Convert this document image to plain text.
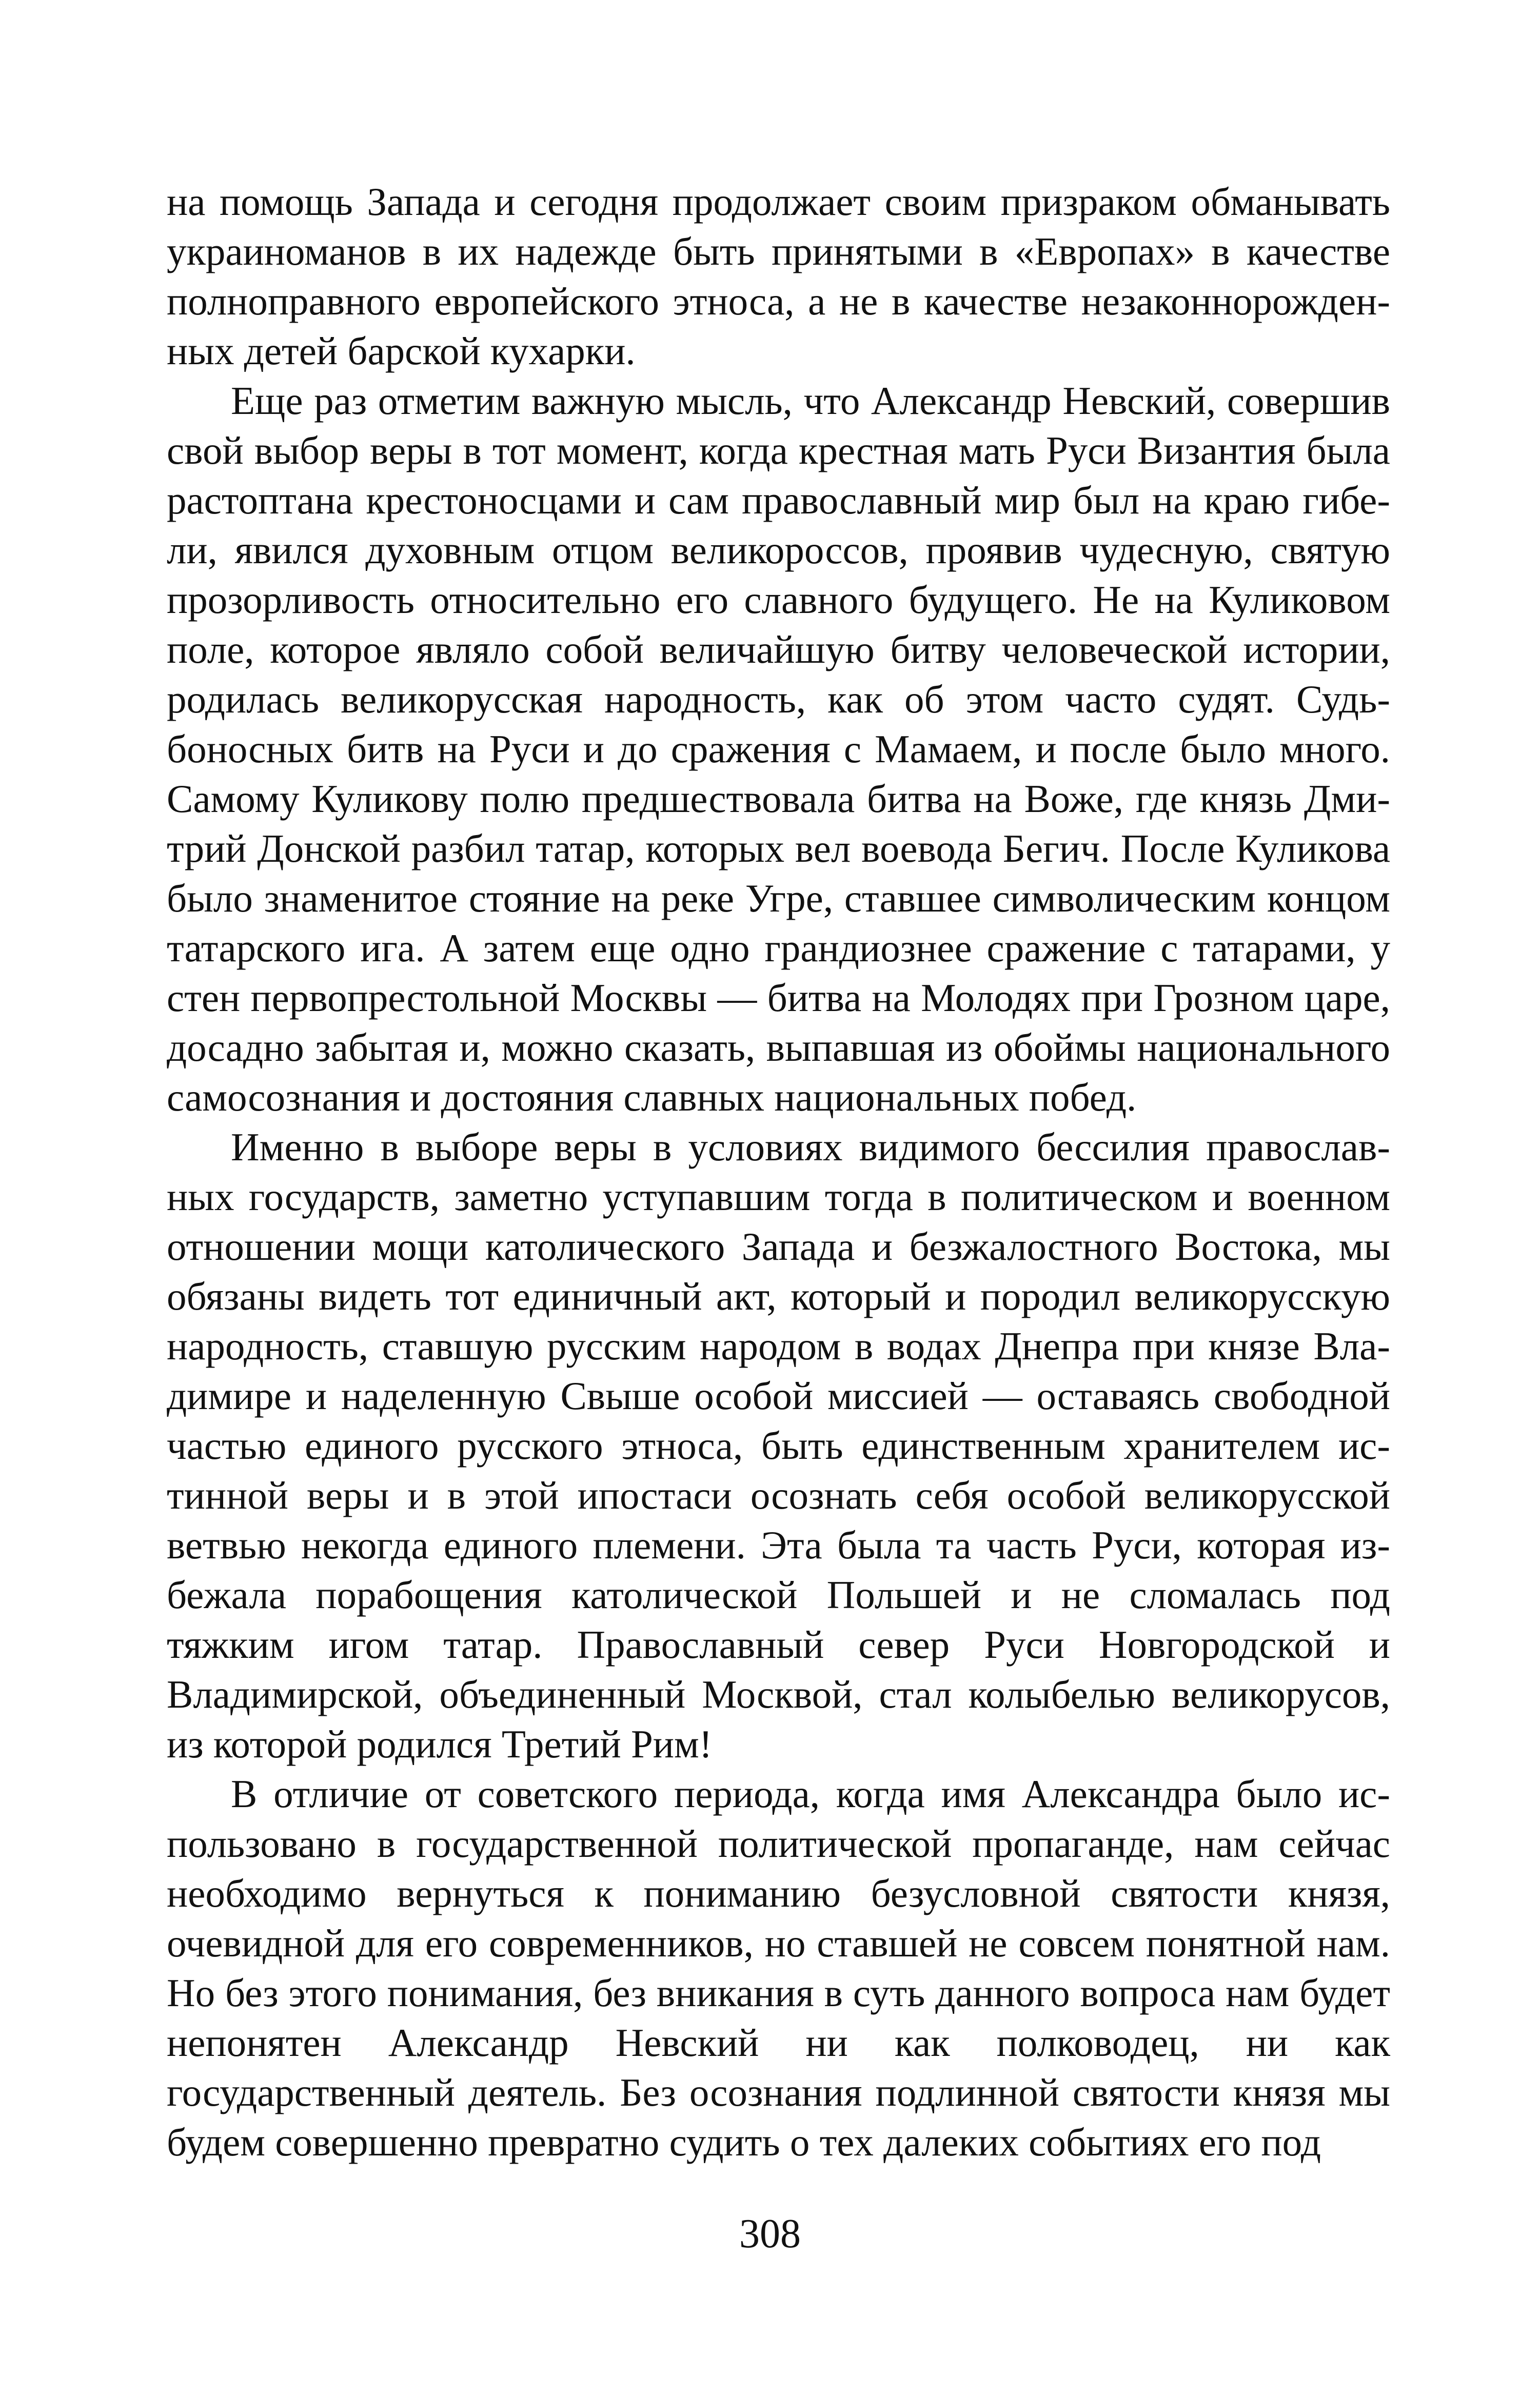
на помощь Запада и сегодня продолжает своим призраком обманывать украиноманов в их надежде быть принятыми в «Европах» в качестве полноправного европейского этноса, а не в качестве незаконнорожденных детей барской кухарки.

Еще раз отметим важную мысль, что Александр Невский, совершив свой выбор веры в тот момент, когда крестная мать Руси Византия была растоптана крестоносцами и сам православный мир был на краю гибели, явился духовным отцом великороссов, проявив чудесную, святую прозорливость относительно его славного будущего. Не на Куликовом поле, которое являло собой величайшую битву человеческой истории, родилась великорусская народность, как об этом часто судят. Судьбоносных битв на Руси и до сражения с Мамаем, и после было много. Самому Куликову полю предшествовала битва на Воже, где князь Дмитрий Донской разбил татар, которых вел воевода Бегич. После Куликова было знаменитое стояние на реке Угре, ставшее символическим концом татарского ига. А затем еще одно грандиознее сражение с татарами, у стен первопрестольной Москвы — битва на Молодях при Грозном царе, досадно забытая и, можно сказать, выпавшая из обоймы национального самосознания и достояния славных национальных побед.

Именно в выборе веры в условиях видимого бессилия православных государств, заметно уступавшим тогда в политическом и военном отношении мощи католического Запада и безжалостного Востока, мы обязаны видеть тот единичный акт, который и породил великорусскую народность, ставшую русским народом в водах Днепра при князе Владимире и наделенную Свыше особой миссией — оставаясь свободной частью единого русского этноса, быть единственным хранителем истинной веры и в этой ипостаси осознать себя особой великорусской ветвью некогда единого племени. Эта была та часть Руси, которая избежала порабощения католической Польшей и не сломалась под тяжким игом татар. Православный север Руси Новгородской и Владимирской, объединенный Москвой, стал колыбелью великорусов, из которой родился Третий Рим!

В отличие от советского периода, когда имя Александра было использовано в государственной политической пропаганде, нам сейчас необходимо вернуться к пониманию безусловной святости князя, очевидной для его современников, но ставшей не совсем понятной нам. Но без этого понимания, без вникания в суть данного вопроса нам будет непонятен Александр Невский ни как полководец, ни как государственный деятель. Без осознания подлинной святости князя мы будем совершенно превратно судить о тех далеких событиях его под

308
